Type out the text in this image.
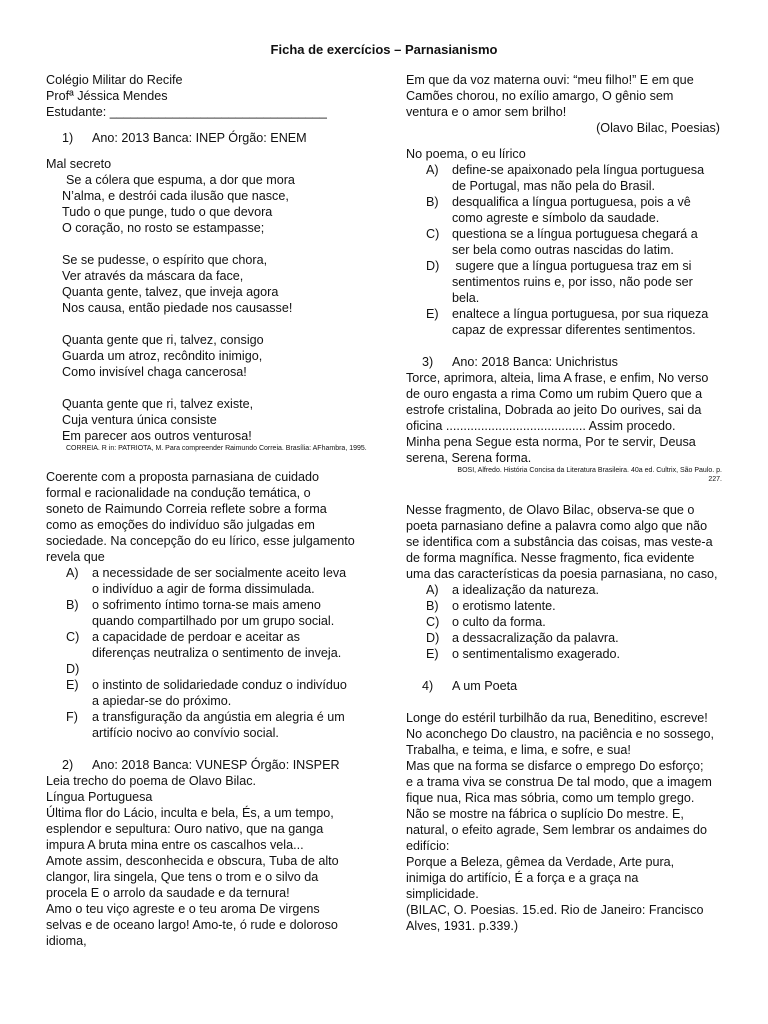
Ficha de exercícios – Parnasianismo
Colégio Militar do Recife
Profª Jéssica Mendes
Estudante: _______________________________
1) Ano: 2013 Banca: INEP Órgão: ENEM
Mal secreto
Se a cólera que espuma, a dor que mora
N’alma, e destrói cada ilusão que nasce,
Tudo o que punge, tudo o que devora
O coração, no rosto se estampasse;
Se se pudesse, o espírito que chora,
Ver através da máscara da face,
Quanta gente, talvez, que inveja agora
Nos causa, então piedade nos causasse!
Quanta gente que ri, talvez, consigo
Guarda um atroz, recôndito inimigo,
Como invisível chaga cancerosa!
Quanta gente que ri, talvez existe,
Cuja ventura única consiste
Em parecer aos outros venturosa!
CORREIA. R in: PATRIOTA, M. Para compreender Raimundo Correia. Brasília: AFhambra, 1995.
Coerente com a proposta parnasiana de cuidado
formal e racionalidade na condução temática, o
soneto de Raimundo Correia reflete sobre a forma
como as emoções do indivíduo são julgadas em
sociedade. Na concepção do eu lírico, esse julgamento
revela que
A)	a necessidade de ser socialmente aceito leva
o indivíduo a agir de forma dissimulada.
B)	o sofrimento íntimo torna-se mais ameno
quando compartilhado por um grupo social.
C)	a capacidade de perdoar e aceitar as
diferenças neutraliza o sentimento de inveja.
D)
E)	o instinto de solidariedade conduz o indivíduo
a apiedar-se do próximo.
F)	a transfiguração da angústia em alegria é um
artifício nocivo ao convívio social.
2) Ano: 2018 Banca: VUNESP Órgão: INSPER
Leia trecho do poema de Olavo Bilac.
Língua Portuguesa
Última flor do Lácio, inculta e bela, És, a um tempo,
esplendor e sepultura: Ouro nativo, que na ganga
impura A bruta mina entre os cascalhos vela...
Amote assim, desconhecida e obscura, Tuba de alto
clangor, lira singela, Que tens o trom e o silvo da
procela E o arrolo da saudade e da ternura!
Amo o teu viço agreste e o teu aroma De virgens
selvas e de oceano largo! Amo-te, ó rude e doloroso
idioma,
Em que da voz materna ouvi: “meu filho!” E em que
Camões chorou, no exílio amargo, O gênio sem
ventura e o amor sem brilho!
(Olavo Bilac, Poesias)
No poema, o eu lírico
A)	define-se apaixonado pela língua portuguesa
de Portugal, mas não pela do Brasil.
B)	desqualifica a língua portuguesa, pois a vê
como agreste e símbolo da saudade.
C)	questiona se a língua portuguesa chegará a
ser bela como outras nascidas do latim.
D)	sugere que a língua portuguesa traz em si
sentimentos ruins e, por isso, não pode ser
bela.
E)	enaltece a língua portuguesa, por sua riqueza
capaz de expressar diferentes sentimentos.
3) Ano: 2018 Banca: Unichristus
Torce, aprimora, alteia, lima A frase, e enfim, No verso
de ouro engasta a rima Como um rubim Quero que a
estrofe cristalina, Dobrada ao jeito Do ourives, sai da
oficina ........................................ Assim procedo.
Minha pena Segue esta norma, Por te servir, Deusa
serena, Serena forma.
BOSI, Alfredo. História Concisa da Literatura Brasileira. 40a ed. Cultrix, São Paulo. p.
227.
Nesse fragmento, de Olavo Bilac, observa-se que o
poeta parnasiano define a palavra como algo que não
se identifica com a substância das coisas, mas veste-a
de forma magnífica. Nesse fragmento, fica evidente
uma das características da poesia parnasiana, no caso,
A)	a idealização da natureza.
B)	o erotismo latente.
C)	o culto da forma.
D)	a dessacralização da palavra.
E)	o sentimentalismo exagerado.
4) A um Poeta
Longe do estéril turbilhão da rua, Beneditino, escreve!
No aconchego Do claustro, na paciência e no sossego,
Trabalha, e teima, e lima, e sofre, e sua!
Mas que na forma se disfarce o emprego Do esforço;
e a trama viva se construa De tal modo, que a imagem
fique nua, Rica mas sóbria, como um templo grego.
Não se mostre na fábrica o suplício Do mestre. E,
natural, o efeito agrade, Sem lembrar os andaimes do
edifício:
Porque a Beleza, gêmea da Verdade, Arte pura,
inimiga do artifício, É a força e a graça na
simplicidade.
(BILAC, O. Poesias. 15.ed. Rio de Janeiro: Francisco
Alves, 1931. p.339.)
